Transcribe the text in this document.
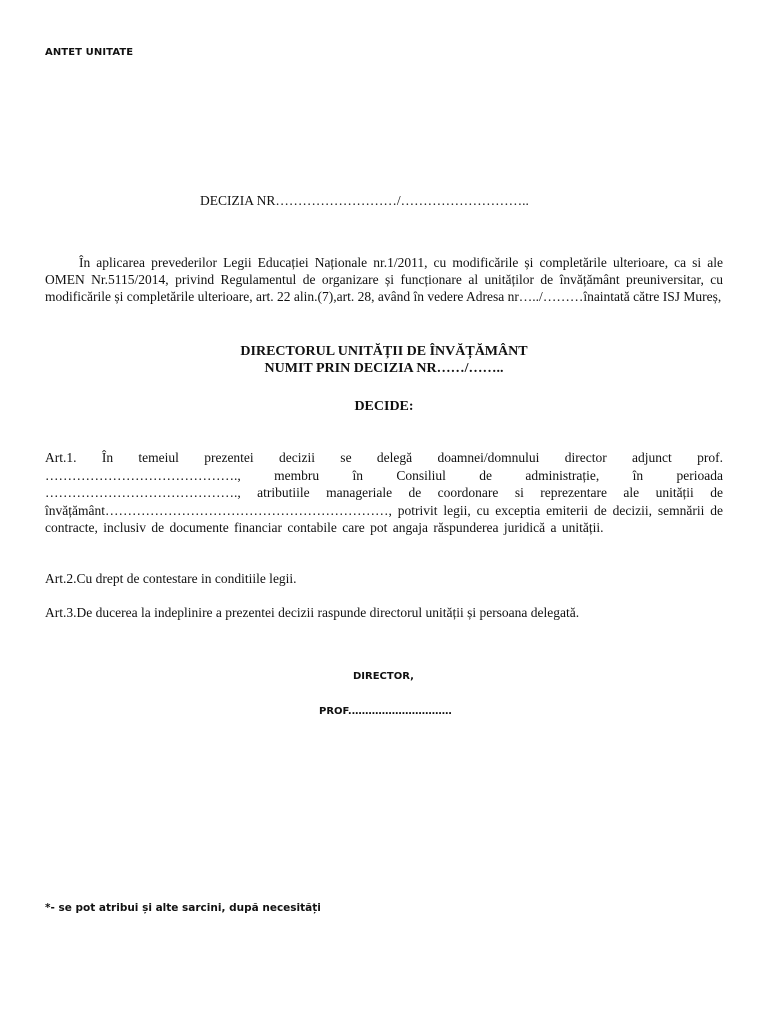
ANTET UNITATE
DECIZIA NR………………………/………………………..
În aplicarea prevederilor Legii Educației Naționale nr.1/2011, cu modificările și completările ulterioare, ca si ale OMEN Nr.5115/2014, privind Regulamentul de organizare și funcționare al unităților de învățământ preuniversitar, cu modificările și completările ulterioare, art. 22 alin.(7),art. 28, având în vedere Adresa nr…../………înaintată către ISJ Mureș,
DIRECTORUL UNITĂȚII DE ÎNVĂȚĂMÂNT
NUMIT PRIN DECIZIA NR……/……..
DECIDE:
Art.1. În temeiul prezentei decizii se delegă doamnei/domnului director adjunct prof. ……………………………………., membru în Consiliul de administrație, în perioada ……………………………………., atributiile manageriale de coordonare si reprezentare ale unității de învățământ………………………………………………………, potrivit legii, cu exceptia emiterii de decizii, semnării de contracte, inclusiv de documente financiar contabile care pot angaja răspunderea juridică a unității.
Art.2.Cu drept de contestare in conditiile legii.
Art.3.De ducerea la indeplinire a prezentei decizii raspunde directorul unității și persoana delegată.
DIRECTOR,
PROF.…………………………
*- se pot atribui și alte sarcini, după necesități
